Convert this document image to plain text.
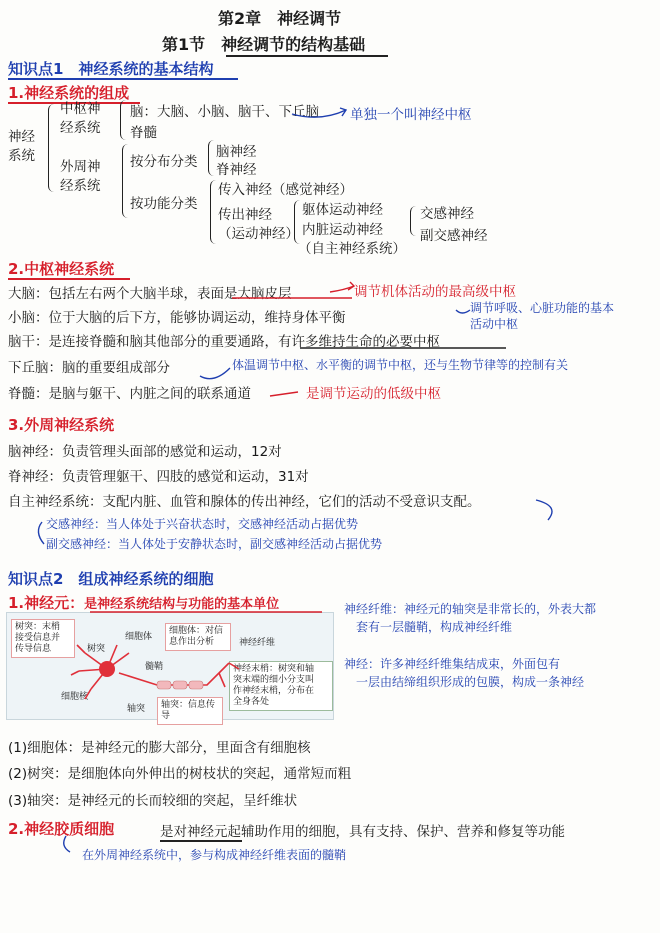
第2章　神经调节
第1节　神经调节的结构基础
知识点1　神经系统的基本结构
1.神经系统的组成
神经
系统
中枢神
经系统
脑：大脑、小脑、脑干、下丘脑
脊髓
单独一个叫神经中枢
外周神
经系统
按分布分类
脑神经
脊神经
按功能分类
传入神经（感觉神经）
传出神经
（运动神经）
躯体运动神经
内脏运动神经
（自主神经系统）
交感神经
副交感神经
2.中枢神经系统
大脑：包括左右两个大脑半球，表面是大脑皮层	调节机体活动的最高级中枢
小脑：位于大脑的后下方，能够协调运动，维持身体平衡
调节呼吸、心脏功能的基本
活动中枢
脑干：是连接脊髓和脑其他部分的重要通路，有许多维持生命的必要中枢
下丘脑：脑的重要组成部分	体温调节中枢、水平衡的调节中枢，还与生物节律等的控制有关
脊髓：是脑与躯干、内脏之间的联系通道	是调节运动的低级中枢
3.外周神经系统
脑神经：负责管理头面部的感觉和运动，12对
脊神经：负责管理躯干、四肢的感觉和运动，31对
自主神经系统：支配内脏、血管和腺体的传出神经，它们的活动不受意识支配。
交感神经：当人体处于兴奋状态时，交感神经活动占据优势
副交感神经：当人体处于安静状态时，副交感神经活动占据优势
知识点2　组成神经系统的细胞
1.神经元：是神经系统结构与功能的基本单位	神经纤维：神经元的轴突是非常长的，外表大都
　套有一层髓鞘，构成神经纤维
神经：许多神经纤维集结成束，外面包有
　一层由结缔组织形成的包膜，构成一条神经
树突：末梢
接受信息并
传导信息	树突
细胞体
细胞体：对信
息作出分析	神经纤维
髓鞘
细胞核
神经末梢：树突和轴
突末端的细小分支叫
作神经末梢，分布在
全身各处
轴突	轴突：信息传导
(1)细胞体：是神经元的膨大部分，里面含有细胞核
(2)树突：是细胞体向外伸出的树枝状的突起，通常短而粗
(3)轴突：是神经元的长而较细的突起，呈纤维状
2.神经胶质细胞	是对神经元起辅助作用的细胞，具有支持、保护、营养和修复等功能
在外周神经系统中，参与构成神经纤维表面的髓鞘
